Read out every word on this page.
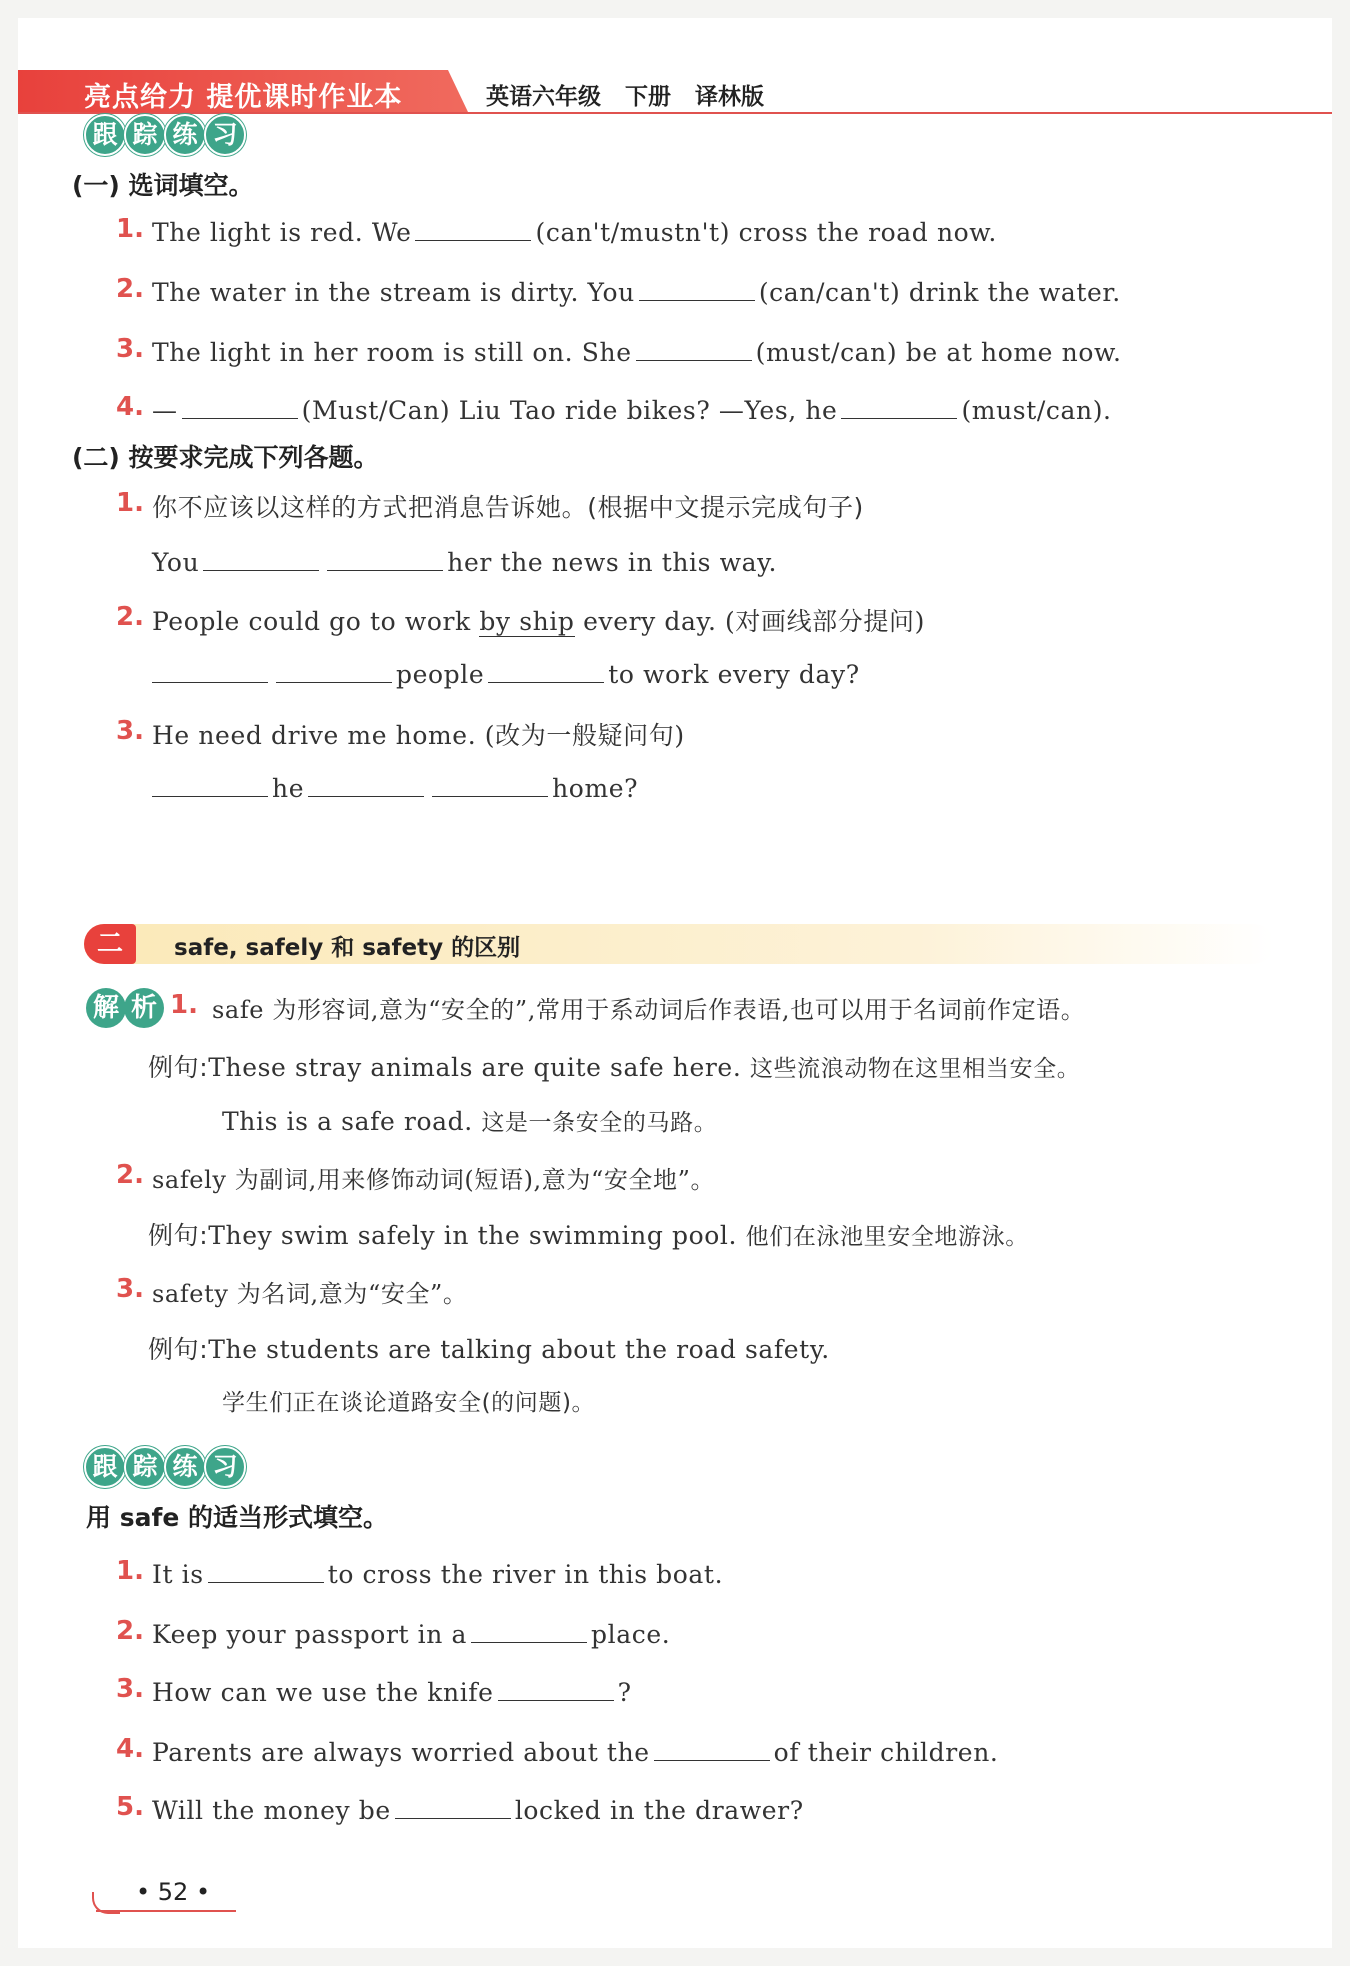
亮点给力 提优课时作业本	英语六年级   下册   译林版
跟 踪 练 习
(一) 选词填空。
1. The light is red. We	(can't/mustn't) cross the road now.
2. The water in the stream is dirty. You	(can/can't) drink the water.
3. The light in her room is still on. She	(must/can) be at home now.
4. —	(Must/Can) Liu Tao ride bikes? —Yes, he	(must/can).
(二) 按要求完成下列各题。
1. 你不应该以这样的方式把消息告诉她。(根据中文提示完成句子)
You	her the news in this way.
2. People could go to work by ship every day. (对画线部分提问)
people	to work every day?
3. He need drive me home. (改为一般疑问句)
he	home?
二	safe, safely 和 safety 的区别
解 析 1. safe 为形容词,意为“安全的”,常用于系动词后作表语,也可以用于名词前作定语。
例句:These stray animals are quite safe here. 这些流浪动物在这里相当安全。
This is a safe road. 这是一条安全的马路。
2. safely 为副词,用来修饰动词(短语),意为“安全地”。
例句:They swim safely in the swimming pool. 他们在泳池里安全地游泳。
3. safety 为名词,意为“安全”。
例句:The students are talking about the road safety.
学生们正在谈论道路安全(的问题)。
跟 踪 练 习
用 safe 的适当形式填空。
1. It is	to cross the river in this boat.
2. Keep your passport in a	place.
3. How can we use the knife	?
4. Parents are always worried about the	of their children.
5. Will the money be	locked in the drawer?
• 52 •
